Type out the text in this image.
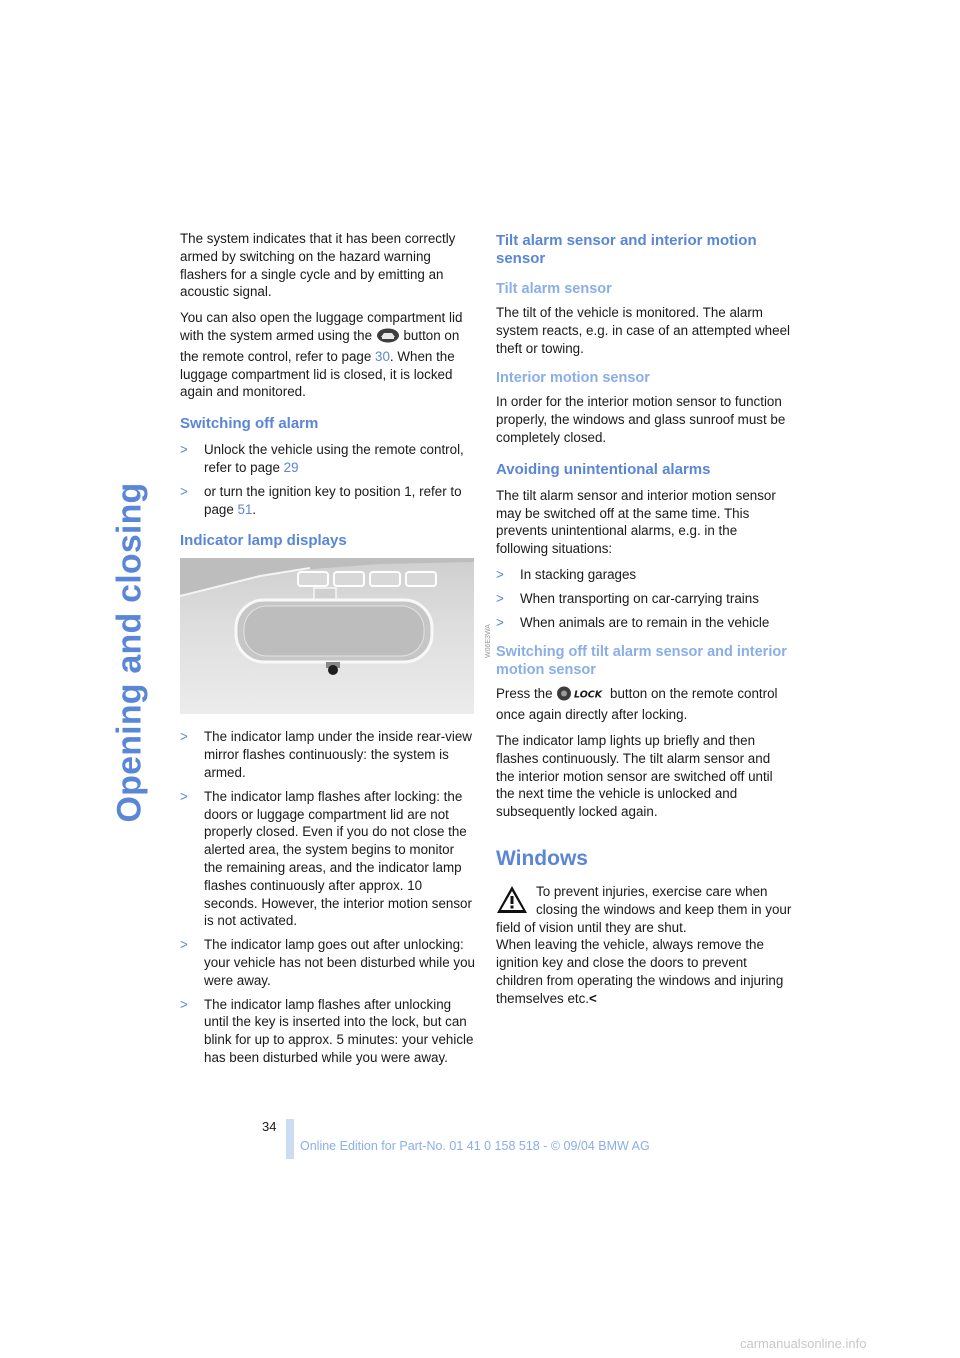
Opening and closing

The system indicates that it has been correctly armed by switching on the hazard warning flashers for a single cycle and by emitting an acoustic signal.

You can also open the luggage compartment lid with the system armed using the  button on the remote control, refer to page 30. When the luggage compartment lid is closed, it is locked again and monitored.

Switching off alarm
> Unlock the vehicle using the remote control, refer to page 29
> or turn the ignition key to position 1, refer to page 51.
Indicator lamp displays
W06E3WA
> The indicator lamp under the inside rear-view mirror flashes continuously: the system is armed.
> The indicator lamp flashes after locking: the doors or luggage compartment lid are not properly closed. Even if you do not close the alerted area, the system begins to monitor the remaining areas, and the indicator lamp flashes continuously after approx. 10 seconds. However, the interior motion sensor is not activated.
> The indicator lamp goes out after unlocking: your vehicle has not been disturbed while you were away.
> The indicator lamp flashes after unlocking until the key is inserted into the lock, but can blink for up to approx. 5 minutes: your vehicle has been disturbed while you were away.
Tilt alarm sensor and interior motion sensor
Tilt alarm sensor

The tilt of the vehicle is monitored. The alarm system reacts, e.g. in case of an attempted wheel theft or towing.

Interior motion sensor

In order for the interior motion sensor to function properly, the windows and glass sunroof must be completely closed.

Avoiding unintentional alarms

The tilt alarm sensor and interior motion sensor may be switched off at the same time. This prevents unintentional alarms, e.g. in the following situations:

> In stacking garages
> When transporting on car-carrying trains
> When animals are to remain in the vehicle
Switching off tilt alarm sensor and interior motion sensor

Press the LOCK button on the remote control once again directly after locking.

The indicator lamp lights up briefly and then flashes continuously. The tilt alarm sensor and the interior motion sensor are switched off until the next time the vehicle is unlocked and subsequently locked again.

Windows

To prevent injuries, exercise care when closing the windows and keep them in your field of vision until they are shut.

When leaving the vehicle, always remove the ignition key and close the doors to prevent children from operating the windows and injuring themselves etc.<

34
Online Edition for Part-No. 01 41 0 158 518 - © 09/04 BMW AG
carmanualsonline.info
